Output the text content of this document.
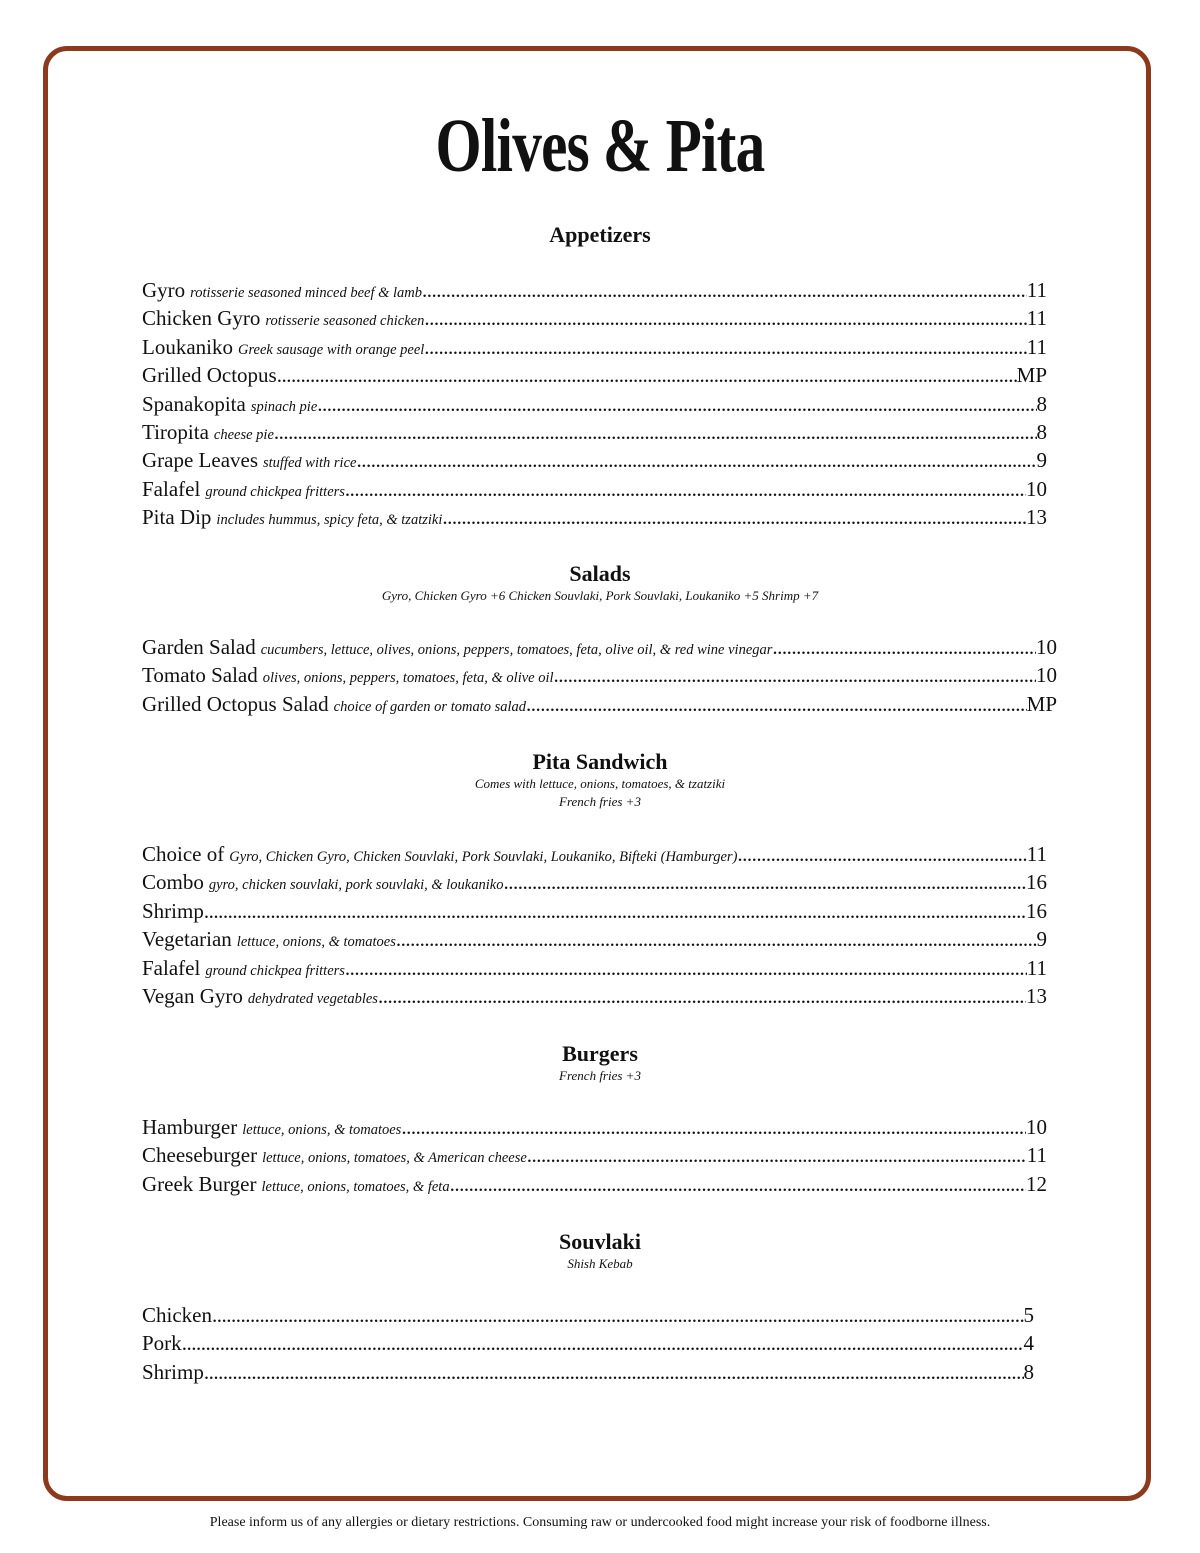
Olives & Pita
Appetizers
Gyro rotisserie seasoned minced beef & lamb .....	11
Chicken Gyro rotisserie seasoned chicken .....	11
Loukaniko Greek sausage with orange peel .....	11
Grilled Octopus .....	MP
Spanakopita spinach pie .....	8
Tiropita cheese pie .....	8
Grape Leaves stuffed with rice .....	9
Falafel ground chickpea fritters .....	10
Pita Dip includes hummus, spicy feta, & tzatziki .....	13
Salads
Gyro, Chicken Gyro +6 Chicken Souvlaki, Pork Souvlaki, Loukaniko +5 Shrimp +7
Garden Salad cucumbers, lettuce, olives, onions, peppers, tomatoes, feta, olive oil, & red wine vinegar .....	10
Tomato Salad olives, onions, peppers, tomatoes, feta, & olive oil .....	10
Grilled Octopus Salad choice of garden or tomato salad .....	MP
Pita Sandwich
Comes with lettuce, onions, tomatoes, & tzatziki
French fries +3
Choice of Gyro, Chicken Gyro, Chicken Souvlaki, Pork Souvlaki, Loukaniko, Bifteki (Hamburger) .....	11
Combo gyro, chicken souvlaki, pork souvlaki, & loukaniko .....	16
Shrimp .....	16
Vegetarian lettuce, onions, & tomatoes .....	9
Falafel ground chickpea fritters .....	11
Vegan Gyro dehydrated vegetables .....	13
Burgers
French fries +3
Hamburger lettuce, onions, & tomatoes .....	10
Cheeseburger lettuce, onions, tomatoes, & American cheese .....	11
Greek Burger lettuce, onions, tomatoes, & feta .....	12
Souvlaki
Shish Kebab
Chicken .....	5
Pork .....	4
Shrimp .....	8
Please inform us of any allergies or dietary restrictions. Consuming raw or undercooked food might increase your risk of foodborne illness.
